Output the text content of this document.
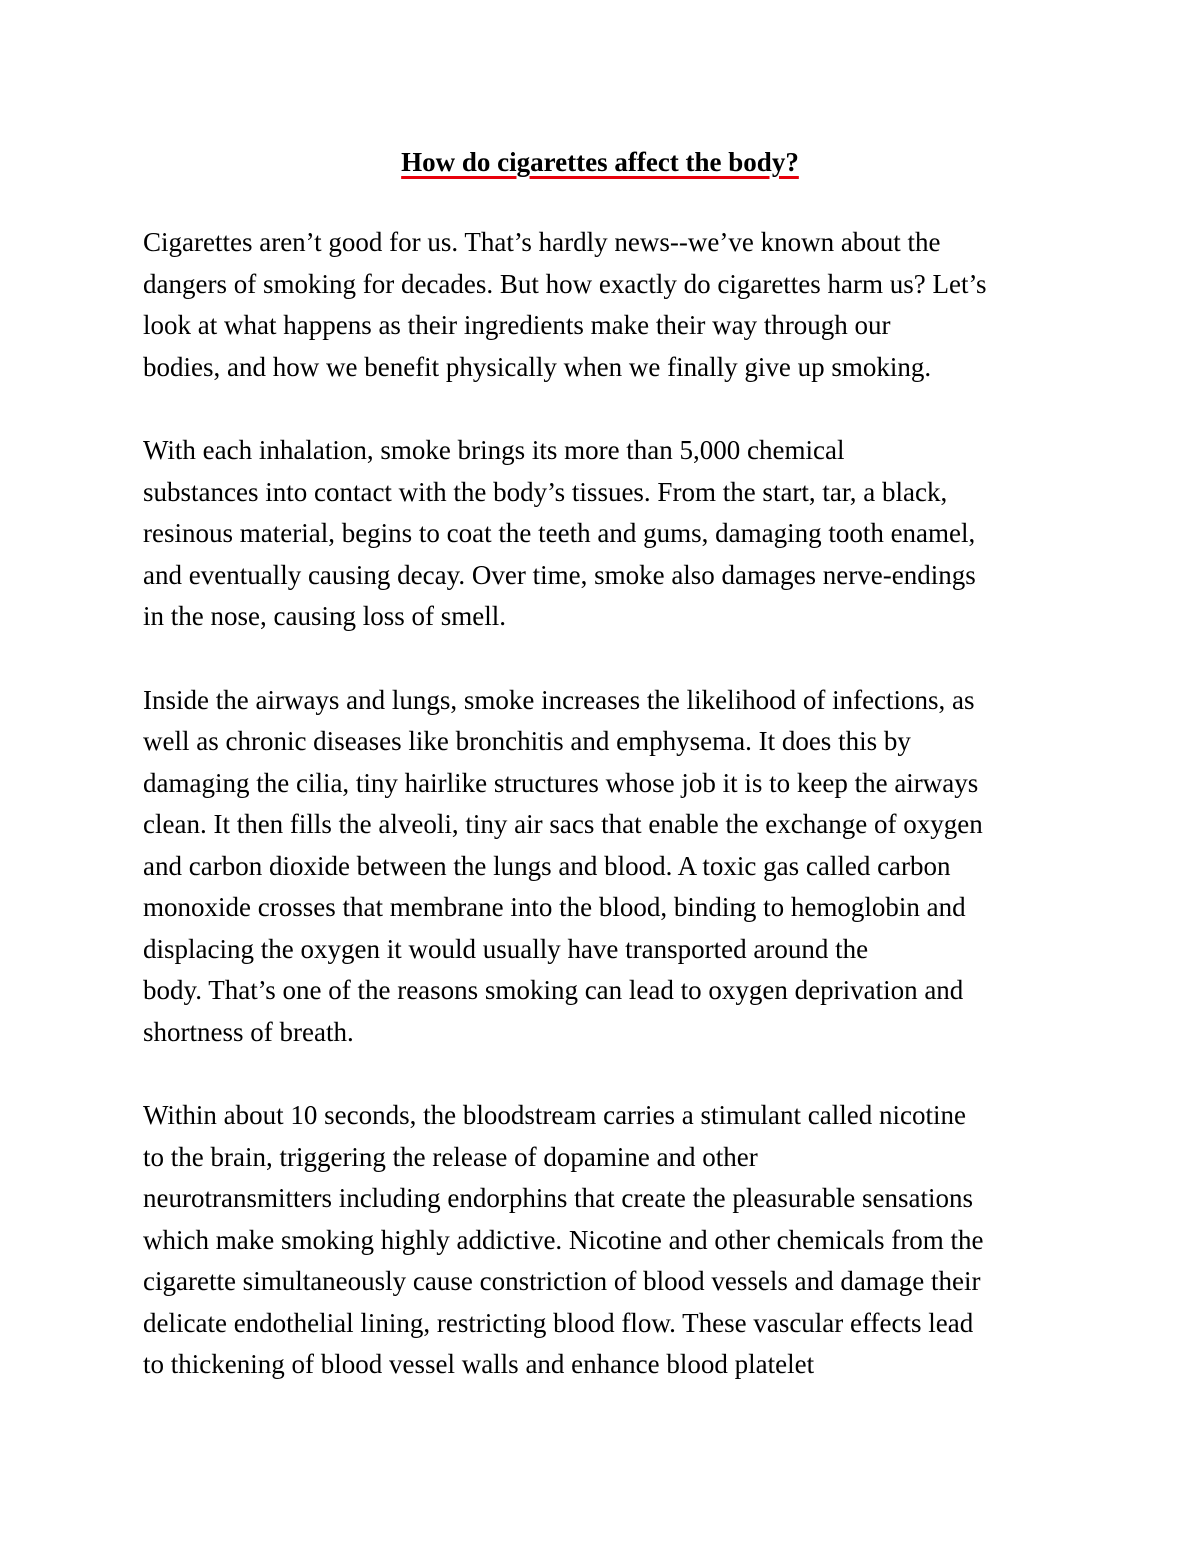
How do cigarettes affect the body?

Cigarettes aren’t good for us. That’s hardly news--we’ve known about the
dangers of smoking for decades. But how exactly do cigarettes harm us? Let’s
look at what happens as their ingredients make their way through our
bodies, and how we benefit physically when we finally give up smoking.

With each inhalation, smoke brings its more than 5,000 chemical
substances into contact with the body’s tissues. From the start, tar, a black,
resinous material, begins to coat the teeth and gums, damaging tooth enamel,
and eventually causing decay. Over time, smoke also damages nerve-endings
in the nose, causing loss of smell.

Inside the airways and lungs, smoke increases the likelihood of infections, as
well as chronic diseases like bronchitis and emphysema. It does this by
damaging the cilia, tiny hairlike structures whose job it is to keep the airways
clean. It then fills the alveoli, tiny air sacs that enable the exchange of oxygen
and carbon dioxide between the lungs and blood. A toxic gas called carbon
monoxide crosses that membrane into the blood, binding to hemoglobin and
displacing the oxygen it would usually have transported around the
body. That’s one of the reasons smoking can lead to oxygen deprivation and
shortness of breath.

Within about 10 seconds, the bloodstream carries a stimulant called nicotine
to the brain, triggering the release of dopamine and other
neurotransmitters including endorphins that create the pleasurable sensations
which make smoking highly addictive. Nicotine and other chemicals from the
cigarette simultaneously cause constriction of blood vessels and damage their
delicate endothelial lining, restricting blood flow. These vascular effects lead
to thickening of blood vessel walls and enhance blood platelet
